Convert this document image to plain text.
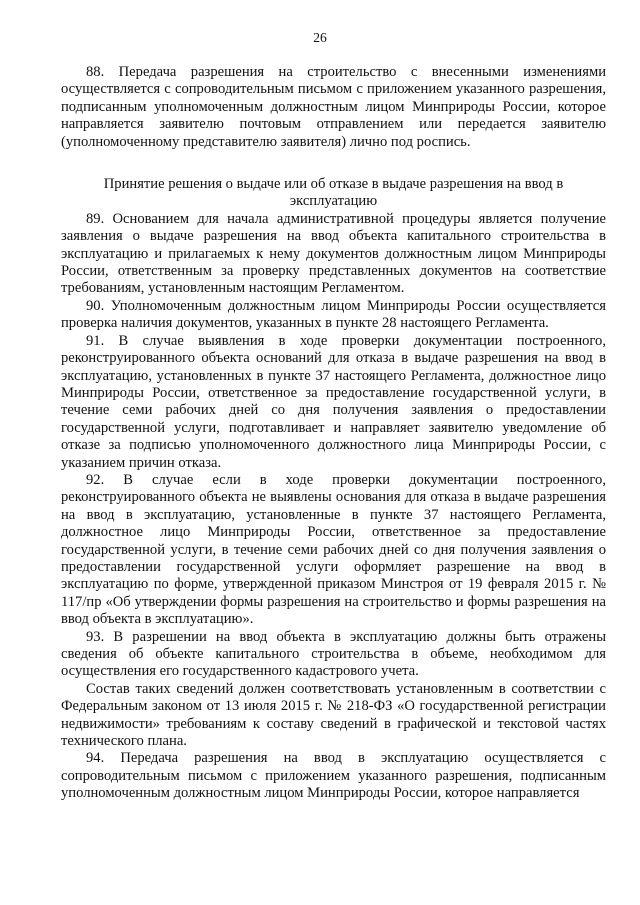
26

88. Передача разрешения на строительство с внесенными изменениями осуществляется с сопроводительным письмом с приложением указанного разрешения, подписанным уполномоченным должностным лицом Минприроды России, которое направляется заявителю почтовым отправлением или передается заявителю (уполномоченному представителю заявителя) лично под роспись.

Принятие решения о выдаче или об отказе в выдаче разрешения на ввод в эксплуатацию

89. Основанием для начала административной процедуры является получение заявления о выдаче разрешения на ввод объекта капитального строительства в эксплуатацию и прилагаемых к нему документов должностным лицом Минприроды России, ответственным за проверку представленных документов на соответствие требованиям, установленным настоящим Регламентом.

90. Уполномоченным должностным лицом Минприроды России осуществляется проверка наличия документов, указанных в пункте 28 настоящего Регламента.

91. В случае выявления в ходе проверки документации построенного, реконструированного объекта оснований для отказа в выдаче разрешения на ввод в эксплуатацию, установленных в пункте 37 настоящего Регламента, должностное лицо Минприроды России, ответственное за предоставление государственной услуги, в течение семи рабочих дней со дня получения заявления о предоставлении государственной услуги, подготавливает и направляет заявителю уведомление об отказе за подписью уполномоченного должностного лица Минприроды России, с указанием причин отказа.

92. В случае если в ходе проверки документации построенного, реконструированного объекта не выявлены основания для отказа в выдаче разрешения на ввод в эксплуатацию, установленные в пункте 37 настоящего Регламента, должностное лицо Минприроды России, ответственное за предоставление государственной услуги, в течение семи рабочих дней со дня получения заявления о предоставлении государственной услуги оформляет разрешение на ввод в эксплуатацию по форме, утвержденной приказом Минстроя от 19 февраля 2015 г. № 117/пр «Об утверждении формы разрешения на строительство и формы разрешения на ввод объекта в эксплуатацию».

93. В разрешении на ввод объекта в эксплуатацию должны быть отражены сведения об объекте капитального строительства в объеме, необходимом для осуществления его государственного кадастрового учета.

Состав таких сведений должен соответствовать установленным в соответствии с Федеральным законом от 13 июля 2015 г. № 218-ФЗ «О государственной регистрации недвижимости» требованиям к составу сведений в графической и текстовой частях технического плана.

94. Передача разрешения на ввод в эксплуатацию осуществляется с сопроводительным письмом с приложением указанного разрешения, подписанным уполномоченным должностным лицом Минприроды России, которое направляется
